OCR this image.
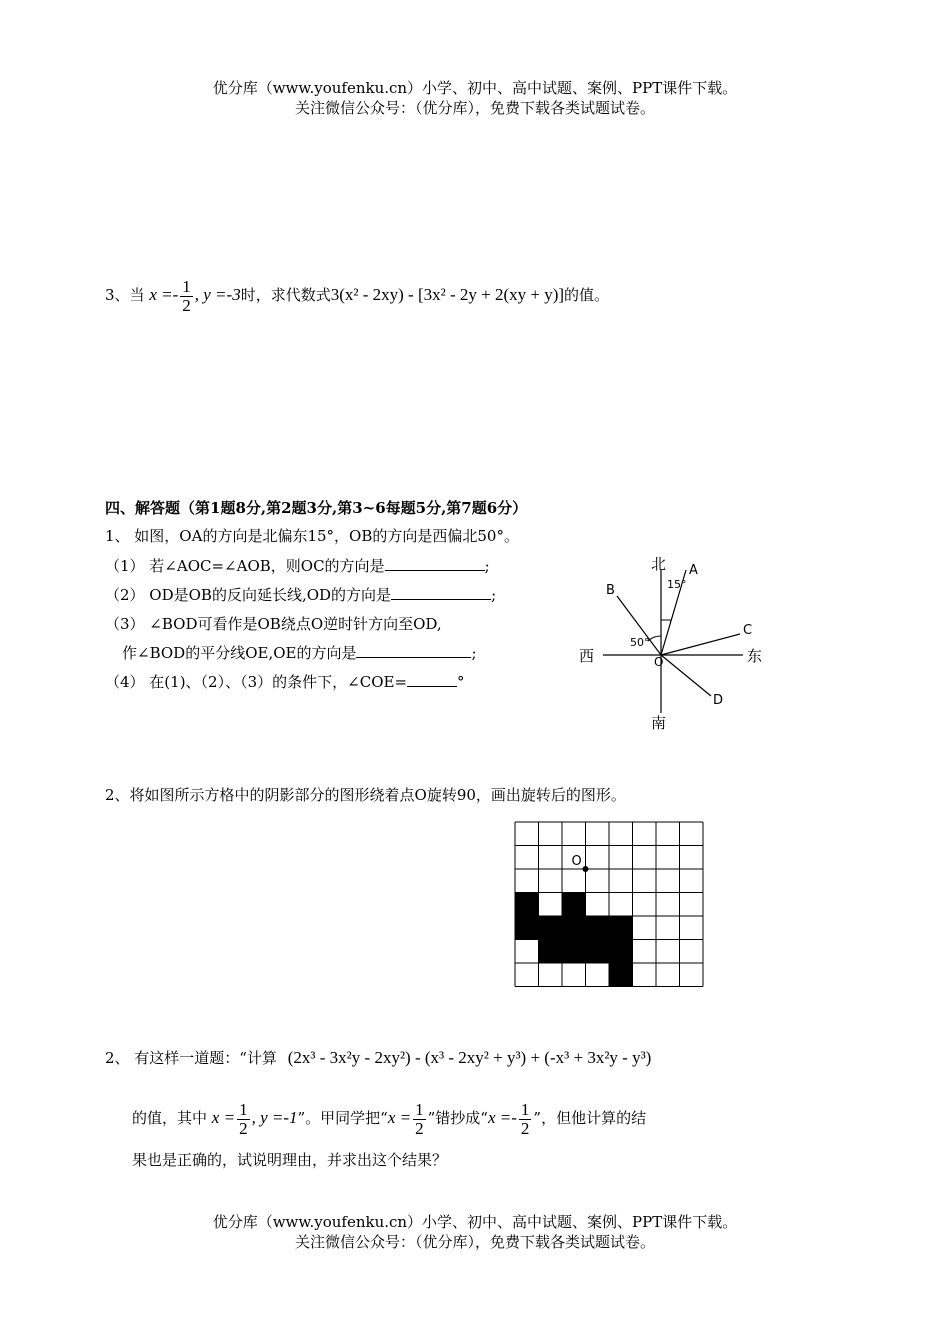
优分库（www.youfenku.cn）小学、初中、高中试题、案例、PPT课件下载。
关注微信公众号：（优分库），免费下载各类试题试卷。
3、当 $x =- \frac{1}{2}$ , y =-3时，求代数式3(x² - 2xy) - [3x² - 2y + 2(xy + y)]的值。
四、解答题（第1题8分,第2题3分,第3~6每题5分,第7题6分）
1、 如图，OA的方向是北偏东15°，OB的方向是西偏北50°。
（1） 若∠AOC=∠AOB，则OC的方向是	;
（2） OD是OB的反向延长线,OD的方向是	;
（3） ∠BOD可看作是OB绕点O逆时针方向至OD,
作∠BOD的平分线OE,OE的方向是	;
（4） 在(1)、（2）、（3）的条件下，∠COE=	°
北
南
东
西
A
B
C
D
O
15°
50°
2、将如图所示方格中的阴影部分的图形绕着点O旋转90，画出旋转后的图形。
O
2、 有这样一道题：“计算 (2x³ - 3x²y - 2xy²) - (x³ - 2xy² + y³) + (-x³ + 3x²y - y³)
的值，其中 $x = \frac{1}{2}$ , y =-1”。甲同学把“$x = \frac{1}{2}$ ”错抄成“$x =- \frac{1}{2}$ ”，但他计算的结
果也是正确的，试说明理由，并求出这个结果？
优分库（www.youfenku.cn）小学、初中、高中试题、案例、PPT课件下载。
关注微信公众号：（优分库），免费下载各类试题试卷。
